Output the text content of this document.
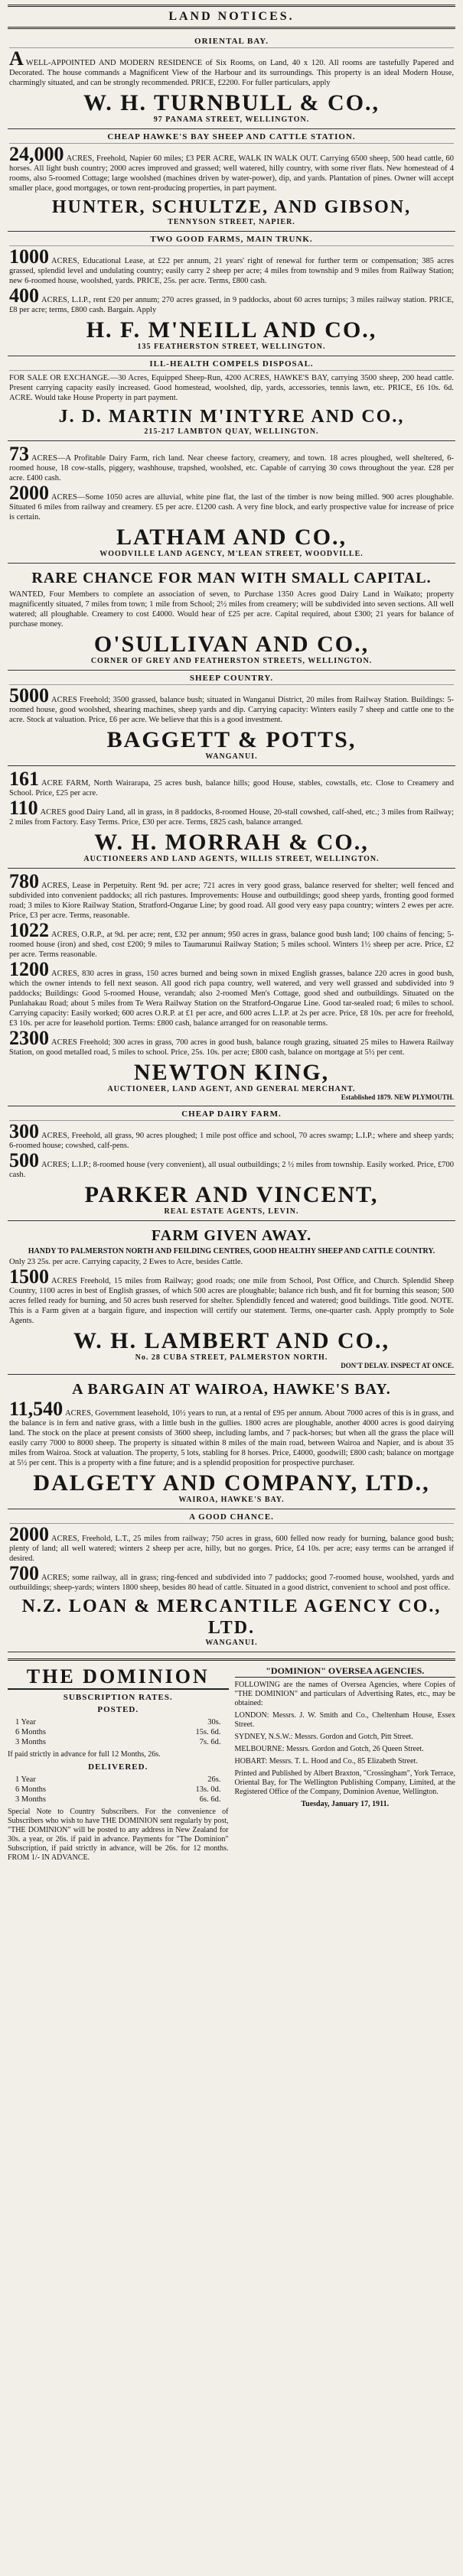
LAND NOTICES.
ORIENTAL BAY.
AWELL-APPOINTED AND MODERN RESIDENCE of Six Rooms, on Land, 40 x 120. All rooms are tastefully Papered and Decorated. The house commands a Magnificent View of the Harbour and its surroundings. This property is an ideal Modern House, charmingly situated, and can be strongly recommended. PRICE, £2200. For fuller particulars, apply
W. H. TURNBULL & CO.,
97 PANAMA STREET, WELLINGTON.
CHEAP HAWKE'S BAY SHEEP AND CATTLE STATION.
24,000 ACRES, Freehold, Napier 60 miles; £3 PER ACRE, WALK IN WALK OUT. Carrying 6500 sheep, 500 head cattle, 60 horses. All light bush country; 2000 acres improved and grassed; well watered, hilly country, with some river flats. New homestead of 4 rooms, also 5-roomed Cottage; large woolshed (machines driven by water-power), dip, and yards. Plantation of pines. Owner will accept smaller place, good mortgages, or town rent-producing properties, in part payment.
HUNTER, SCHULTZE, AND GIBSON,
TENNYSON STREET, NAPIER.
TWO GOOD FARMS, MAIN TRUNK.
1000 ACRES, Educational Lease, at £22 per annum, 21 years' right of renewal for further term or compensation; 385 acres grassed, splendid level and undulating country; easily carry 2 sheep per acre; 4 miles from township and 9 miles from Railway Station; new 6-roomed house, woolshed, yards. PRICE, 25s. per acre. Terms, £800 cash.
400 ACRES, L.I.P., rent £20 per annum; 270 acres grassed, in 9 paddocks, about 60 acres turnips; 3 miles railway station. PRICE, £8 per acre; terms, £800 cash. Bargain. Apply
H. F. M'NEILL AND CO.,
135 FEATHERSTON STREET, WELLINGTON.
ILL-HEALTH COMPELS DISPOSAL.
FOR SALE OR EXCHANGE.—30 Acres, Equipped Sheep-Run, 4200 ACRES, HAWKE'S BAY, carrying 3500 sheep, 200 head cattle. Present carrying capacity easily increased. Good homestead, woolshed, dip, yards, accessories, tennis lawn, etc. PRICE, £6 10s. 6d. ACRE. Would take House Property in part payment.
J. D. MARTIN M'INTYRE AND CO.,
215-217 LAMBTON QUAY, WELLINGTON.
73 ACRES—A Profitable Dairy Farm, rich land. Near cheese factory, creamery, and town. 18 acres ploughed, well sheltered, 6-roomed house, 18 cow-stalls, piggery, washhouse, trapshed, woolshed, etc. Capable of carrying 30 cows throughout the year. £28 per acre. £400 cash.
2000 ACRES—Some 1050 acres are alluvial, white pine flat, the last of the timber is now being milled. 900 acres ploughable. Situated 6 miles from railway and creamery. £5 per acre. £1200 cash. A very fine block, and early prospective value for increase of price is certain.
LATHAM AND CO.,
WOODVILLE LAND AGENCY, M'LEAN STREET, WOODVILLE.
RARE CHANCE FOR MAN WITH SMALL CAPITAL.
WANTED, Four Members to complete an association of seven, to Purchase 1350 Acres good Dairy Land in Waikato; property magnificently situated, 7 miles from town; 1 mile from School; 2½ miles from creamery; will be subdivided into seven sections. All well watered; all ploughable. Creamery to cost £4000. Would hear of £25 per acre. Capital required, about £300; 21 years for balance of purchase money.
O'SULLIVAN AND CO.,
CORNER OF GREY AND FEATHERSTON STREETS, WELLINGTON.
SHEEP COUNTRY.
5000 ACRES Freehold; 3500 grassed, balance bush; situated in Wanganui District, 20 miles from Railway Station. Buildings: 5-roomed house, good woolshed, shearing machines, sheep yards and dip. Carrying capacity: Winters easily 7 sheep and cattle one to the acre. Stock at valuation. Price, £6 per acre. We believe that this is a good investment.
BAGGETT & POTTS,
WANGANUI.
161 ACRE FARM, North Wairarapa, 25 acres bush, balance hills; good House, stables, cowstalls, etc. Close to Creamery and School. Price, £25 per acre.
110 ACRES good Dairy Land, all in grass, in 8 paddocks, 8-roomed House, 20-stall cowshed, calf-shed, etc.; 3 miles from Railway; 2 miles from Factory. Easy Terms. Price, £30 per acre. Terms, £825 cash, balance arranged.
W. H. MORRAH & CO.,
AUCTIONEERS AND LAND AGENTS, WILLIS STREET, WELLINGTON.
780 ACRES, Lease in Perpetuity. Rent 9d. per acre; 721 acres in very good grass, balance reserved for shelter; well fenced and subdivided into convenient paddocks; all rich pastures. Improvements: House and outbuildings; good sheep yards, fronting good formed road; 3 miles to Kiore Railway Station, Stratford-Ongarue Line; by good road. All good very easy papa country; winters 2 ewes per acre. Price, £3 per acre. Terms, reasonable.
1022 ACRES, O.R.P., at 9d. per acre; rent, £32 per annum; 950 acres in grass, balance good bush land; 100 chains of fencing; 5-roomed house (iron) and shed, cost £200; 9 miles to Taumarunui Railway Station; 5 miles school. Winters 1½ sheep per acre. Price, £2 per acre. Terms reasonable.
1200 ACRES, 830 acres in grass, 150 acres burned and being sown in mixed English grasses, balance 220 acres in good bush, which the owner intends to fell next season. All good rich papa country, well watered, and very well grassed and subdivided into 9 paddocks; Buildings: Good 5-roomed House, verandah; also 2-roomed Men's Cottage, good shed and outbuildings. Situated on the Punlahakau Road; about 5 miles from Te Wera Railway Station on the Stratford-Ongarue Line. Good tar-sealed road; 6 miles to school. Carrying capacity: Easily worked; 600 acres O.R.P. at £1 per acre, and 600 acres L.I.P. at 2s per acre. Price, £8 10s. per acre for freehold, £3 10s. per acre for leasehold portion. Terms: £800 cash, balance arranged for on reasonable terms.
2300 ACRES Freehold; 300 acres in grass, 700 acres in good bush, balance rough grazing, situated 25 miles to Hawera Railway Station, on good metalled road, 5 miles to school. Price, 25s. 10s. per acre; £800 cash, balance on mortgage at 5½ per cent.
NEWTON KING,
AUCTIONEER, LAND AGENT, AND GENERAL MERCHANT.
Established 1879. NEW PLYMOUTH.
CHEAP DAIRY FARM.
300 ACRES, Freehold, all grass, 90 acres ploughed; 1 mile post office and school, 70 acres swamp; L.I.P.; where and sheep yards; 6-roomed house; cowshed, calf-pens.
500 ACRES; L.I.P.; 8-roomed house (very convenient), all usual outbuildings; 2 ½ miles from township. Easily worked. Price, £700 cash.
PARKER AND VINCENT,
REAL ESTATE AGENTS, LEVIN.
FARM GIVEN AWAY.
HANDY TO PALMERSTON NORTH AND FEILDING CENTRES, GOOD HEALTHY SHEEP AND CATTLE COUNTRY.
Only 23 25s. per acre. Carrying capacity, 2 Ewes to Acre, besides Cattle.
1500 ACRES Freehold, 15 miles from Railway; good roads; one mile from School, Post Office, and Church. Splendid Sheep Country, 1100 acres in best of English grasses, of which 500 acres are ploughable; balance rich bush, and fit for burning this season; 500 acres felled ready for burning, and 50 acres bush reserved for shelter. Splendidly fenced and watered; good buildings. Title good. NOTE. This is a Farm given at a bargain figure, and inspection will certify our statement. Terms, one-quarter cash. Apply promptly to Sole Agents.
W. H. LAMBERT AND CO.,
No. 28 CUBA STREET, PALMERSTON NORTH.
DON'T DELAY. INSPECT AT ONCE.
A BARGAIN AT WAIROA, HAWKE'S BAY.
11,540 ACRES, Government leasehold, 10½ years to run, at a rental of £95 per annum. About 7000 acres of this is in grass, and the balance is in fern and native grass, with a little bush in the gullies. 1800 acres are ploughable, another 4000 acres is good dairying land. The stock on the place at present consists of 3600 sheep, including lambs, and 7 pack-horses; but when all the grass the place will easily carry 7000 to 8000 sheep. The property is situated within 8 miles of the main road, between Wairoa and Napier, and is about 35 miles from Wairoa. Stock at valuation. The property, 5 lots, stabling for 8 horses. Price, £4000, goodwill; £800 cash; balance on mortgage at 5½ per cent. This is a property with a fine future; and is a splendid proposition for prospective purchaser.
DALGETY AND COMPANY, LTD.,
WAIROA, HAWKE'S BAY.
A GOOD CHANCE.
2000 ACRES, Freehold, L.T., 25 miles from railway; 750 acres in grass, 600 felled now ready for burning, balance good bush; plenty of land; all well watered; winters 2 sheep per acre, hilly, but no gorges. Price, £4 10s. per acre; easy terms can be arranged if desired.
700 ACRES; some railway, all in grass; ring-fenced and subdivided into 7 paddocks; good 7-roomed house, woolshed, yards and outbuildings; sheep-yards; winters 1800 sheep, besides 80 head of cattle. Situated in a good district, convenient to school and post office.
N.Z. LOAN & MERCANTILE AGENCY CO., LTD.
WANGANUI.
THE DOMINION
SUBSCRIPTION RATES.
POSTED.
1 Year	30s.
6 Months	15s. 6d.
3 Months	7s. 6d.
If paid strictly in advance for full 12 Months, 26s.
DELIVERED.
1 Year	26s.
6 Months	13s. 0d.
3 Months	6s. 6d.
Special Note to Country Subscribers. For the convenience of Subscribers who wish to have THE DOMINION sent regularly by post, "THE DOMINION" will be posted to any address in New Zealand for 30s. a year, or 26s. if paid in advance. Payments for "The Dominion" Subscription, if paid strictly in advance, will be 26s. for 12 months. FROM 1/- IN ADVANCE.
"DOMINION" OVERSEA AGENCIES.
FOLLOWING are the names of Oversea Agencies, where Copies of "THE DOMINION" and particulars of Advertising Rates, etc., may be obtained:
LONDON: Messrs. J. W. Smith and Co., Cheltenham House, Essex Street.
SYDNEY, N.S.W.: Messrs. Gordon and Gotch, Pitt Street.
MELBOURNE: Messrs. Gordon and Gotch, 26 Queen Street.
HOBART: Messrs. T. L. Hood and Co., 85 Elizabeth Street.
Printed and Published by Albert Braxton, "Crossingham", York Terrace, Oriental Bay, for The Wellington Publishing Company, Limited, at the Registered Office of the Company, Dominion Avenue, Wellington.
Tuesday, January 17, 1911.
